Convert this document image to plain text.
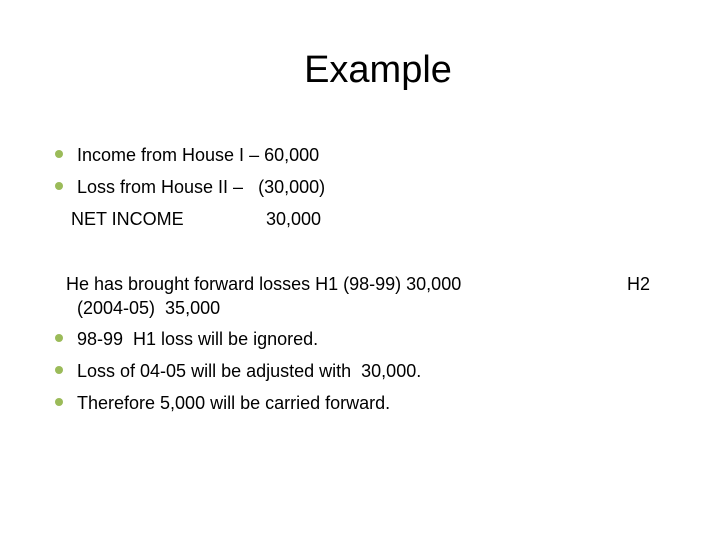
Example
Income from House I – 60,000
Loss from House II –   (30,000)
NET INCOME	30,000
He has brought forward losses H1 (98-99) 30,000	H2
(2004-05)  35,000
98-99  H1 loss will be ignored.
Loss of 04-05 will be adjusted with  30,000.
Therefore 5,000 will be carried forward.
